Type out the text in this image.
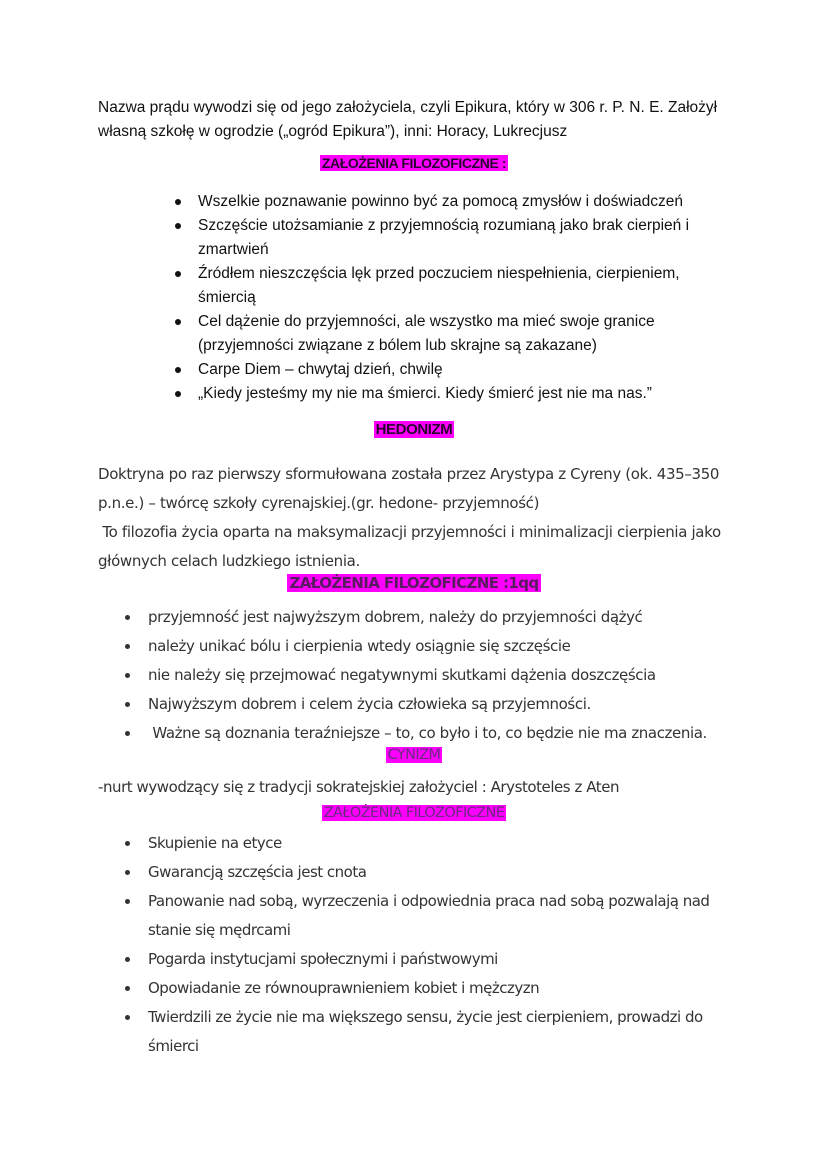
Nazwa prądu wywodzi się od jego założyciela, czyli Epikura, który w 306 r. P. N. E. Założył własną szkołę w ogrodzie („ogród Epikura”), inni: Horacy, Lukrecjusz
ZAŁOŻENIA FILOZOFICZNE :
Wszelkie poznawanie powinno być za pomocą zmysłów i doświadczeń
Szczęście utożsamianie z przyjemnością rozumianą jako brak cierpień i zmartwień
Źródłem nieszczęścia lęk przed poczuciem niespełnienia, cierpieniem, śmiercią
Cel dążenie do przyjemności, ale wszystko ma mieć swoje granice (przyjemności związane z bólem lub skrajne są zakazane)
Carpe Diem – chwytaj dzień, chwilę
„Kiedy jesteśmy my nie ma śmierci. Kiedy śmierć jest nie ma nas.”
HEDONIZM
Doktryna po raz pierwszy sformułowana została przez Arystypa z Cyreny (ok. 435–350 p.n.e.) – twórcę szkoły cyrenajskiej.(gr. hedone- przyjemność)
To filozofia życia oparta na maksymalizacji przyjemności i minimalizacji cierpienia jako głównych celach ludzkiego istnienia.
ZAŁOŻENIA FILOZOFICZNE :1qq
przyjemność jest najwyższym dobrem, należy do przyjemności dążyć
należy unikać bólu i cierpienia wtedy osiągnie się szczęście
nie należy się przejmować negatywnymi skutkami dążenia doszczęścia
Najwyższym dobrem i celem życia człowieka są przyjemności.
Ważne są doznania teraźniejsze – to, co było i to, co będzie nie ma znaczenia.
CYNIZM
-nurt wywodzący się z tradycji sokratejskiej założyciel : Arystoteles z Aten
ZAŁOŻENIA FILOZOFICZNE
Skupienie na etyce
Gwarancją szczęścia jest cnota
Panowanie nad sobą, wyrzeczenia i odpowiednia praca nad sobą pozwalają nad stanie się mędrcami
Pogarda instytucjami społecznymi i państwowymi
Opowiadanie ze równouprawnieniem kobiet i mężczyzn
Twierdzili ze życie nie ma większego sensu, życie jest cierpieniem, prowadzi do śmierci
